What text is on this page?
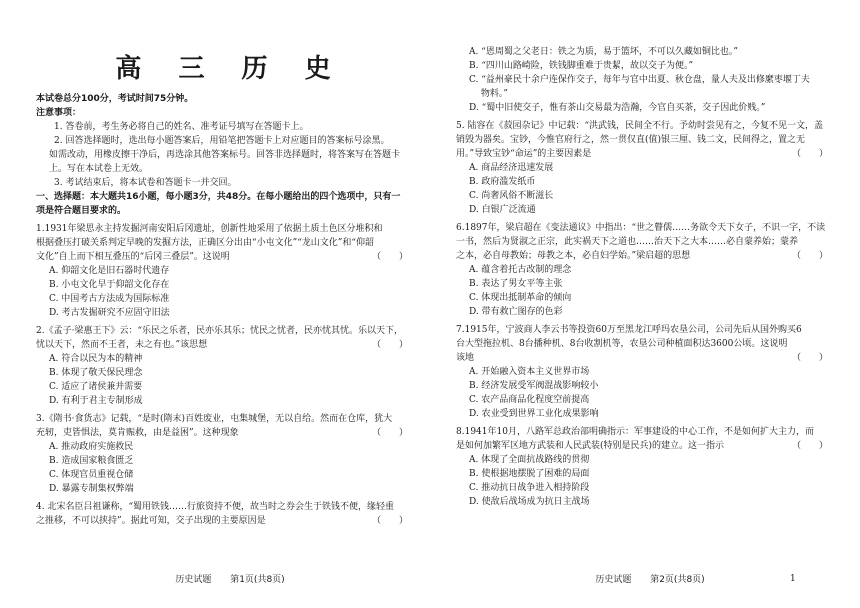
高 三 历 史
本试卷总分100分，考试时间75分钟。
注意事项：
1. 答卷前，考生务必将自己的姓名、准考证号填写在答题卡上。
2. 回答选择题时，选出每小题答案后，用铅笔把答题卡上对应题目的答案标号涂黑。
如需改动，用橡皮擦干净后，再选涂其他答案标号。回答非选择题时，将答案写在答题卡
上。写在本试卷上无效。
3. 考试结束后，将本试卷和答题卡一并交回。
一、选择题：本大题共16小题，每小题3分，共48分。在每小题给出的四个选项中，只有一
项是符合题目要求的。
1.1931年梁思永主持发掘河南安阳后冈遗址，创新性地采用了依据土质土色区分堆积和
根据叠压打破关系判定早晚的发掘方法，正确区分出由“小屯文化”“龙山文化”和“仰韶
（　　）
文化”自上而下相互叠压的“后冈三叠层”。这说明
A. 仰韶文化是旧石器时代遗存
B. 小屯文化早于仰韶文化存在
C. 中国考古方法成为国际标准
D. 考古发掘研究不应固守旧法
2.《孟子·梁惠王下》云：“乐民之乐者，民亦乐其乐；忧民之忧者，民亦忧其忧。乐以天下，
（　　）
忧以天下，然而不王者，未之有也。”该思想
A. 符合以民为本的精神
B. 体现了敬天保民理念
C. 适应了诸侯兼并需要
D. 有利于君主专制形成
3.《隋书·食货志》记载，“是时(隋末)百姓废业，屯集城堡，无以自给。然而在仓库，犹大
（　　）
充轫，吏皆惧法，莫肯赈救，由是益困”。这种现象
A. 推动政府实施救民
B. 造成国家粮食匮乏
C. 体现官员重视仓储
D. 暴露专制集权弊端
4. 北宋名臣吕祖谦称，“蜀用铁钱……行旅资持不便，故当时之券会生于铁钱不便，缘轻重
（　　）
之推移，不可以挟持”。据此可知，交子出现的主要原因是
历史试题 第1页(共8页)
A. “恩周蜀之父老日：铁之为质，易于篮坏，不可以久藏如铜比也。”
B. “四川山路崎险，铁钱脚重难于贵絜，故以交子为便。”
C. “益州豪民十余户连保作交子，每年与官中出夏、秋仓盘，量人夫及出修縻枣堰丁夫
　 物料。”
D. “蜀中旧使交子，惟有茶山交易最为浩瀚，今官自买茶，交子因此价贱。”
5. 陆容在《菽园杂记》中记载：“洪武钱，民间全不行。予幼时尝见有之，今复不见一文，盖
销毁为器矣。宝钞，今惟官府行之，然一贯仅直(值)银三厘、钱二文，民间得之，置之无
（　　）
用。”导致宝钞“命运”的主要因素是
A. 商品经济迅速发展
B. 政府滥发纸币
C. 尚奢风俗不断滋长
D. 白银广泛流通
6.1897年，梁启超在《变法通议》中指出：“世之瞽儒……务欲令天下女子，不识一字，不读
一书，然后为贤淑之正宗，此实祸天下之道也……治天下之大本……必自蒙养始；蒙养
（　　）
之本，必自母教始；母教之本，必自妇学始。”梁启超的思想
A. 蕴含着托古改制的理念
B. 表达了男女平等主张
C. 体现出抵制革命的倾向
D. 带有救亡图存的色彩
7.1915年，宁波商人李云书等投资60万至黑龙江呼玛农垦公司，公司先后从国外购买6
台大型拖拉机、8台播种机、8台收割机等，农垦公司种植面积达3600公顷。这说明
（　　）
该地
A. 开始融入资本主义世界市场
B. 经济发展受军阀混战影响较小
C. 农产品商品化程度空前提高
D. 农业受到世界工业化成果影响
8.1941年10月，八路军总政治部明确指示：军事建设的中心工作，不是如何扩大主力，而
（　　）
是如何加繁军区地方武装和人民武装(特别是民兵)的建立。这一指示
A. 体现了全面抗战路线的贯彻
B. 使根据地摆脱了困难的局面
C. 推动抗日战争进入相持阶段
D. 使敌后战场成为抗日主战场
历史试题 第2页(共8页)	1
